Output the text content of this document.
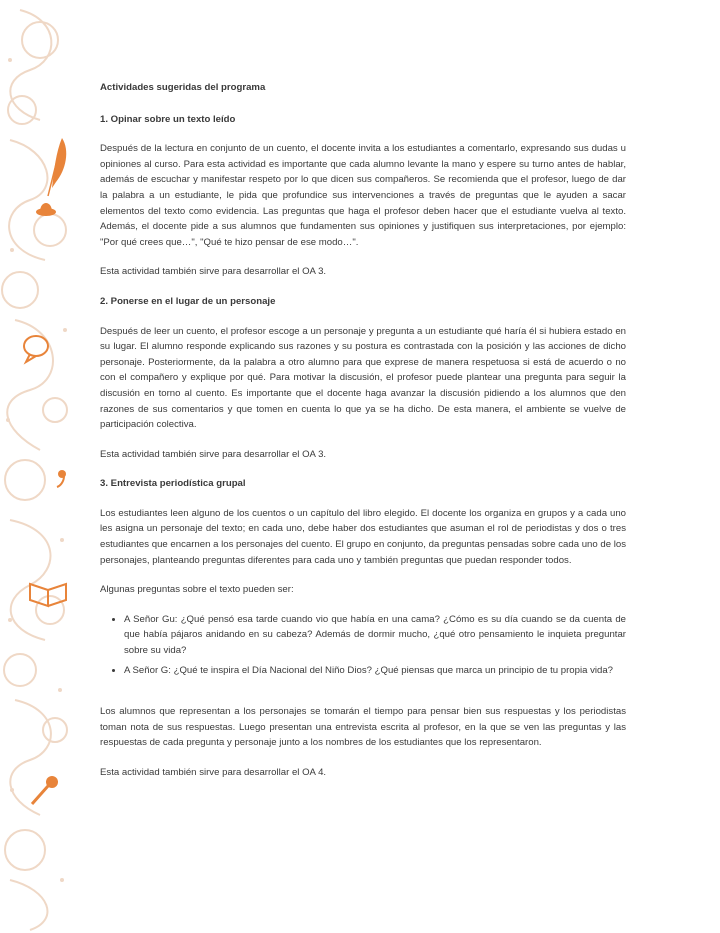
Actividades sugeridas del programa
1. Opinar sobre un texto leído

Después de la lectura en conjunto de un cuento, el docente invita a los estudiantes a comentarlo, expresando sus dudas u opiniones al curso. Para esta actividad es importante que cada alumno levante la mano y espere su turno antes de hablar, además de escuchar y manifestar respeto por lo que dicen sus compañeros. Se recomienda que el profesor, luego de dar la palabra a un estudiante, le pida que profundice sus intervenciones a través de preguntas que le ayuden a sacar elementos del texto como evidencia. Las preguntas que haga el profesor deben hacer que el estudiante vuelva al texto. Además, el docente pide a sus alumnos que fundamenten sus opiniones y justifiquen sus interpretaciones, por ejemplo: "Por qué crees que…", "Qué te hizo pensar de ese modo…".

Esta actividad también sirve para desarrollar el OA 3.

2. Ponerse en el lugar de un personaje

Después de leer un cuento, el profesor escoge a un personaje y pregunta a un estudiante qué haría él si hubiera estado en su lugar. El alumno responde explicando sus razones y su postura es contrastada con la posición y las acciones de dicho personaje. Posteriormente, da la palabra a otro alumno para que exprese de manera respetuosa si está de acuerdo o no con el compañero y explique por qué. Para motivar la discusión, el profesor puede plantear una pregunta para seguir la discusión en torno al cuento. Es importante que el docente haga avanzar la discusión pidiendo a los alumnos que den razones de sus comentarios y que tomen en cuenta lo que ya se ha dicho. De esta manera, el ambiente se vuelve de participación colectiva.

Esta actividad también sirve para desarrollar el OA 3.

3. Entrevista periodística grupal

Los estudiantes leen alguno de los cuentos o un capítulo del libro elegido. El docente los organiza en grupos y a cada uno les asigna un personaje del texto; en cada uno, debe haber dos estudiantes que asuman el rol de periodistas y dos o tres estudiantes que encarnen a los personajes del cuento. El grupo en conjunto, da preguntas pensadas sobre cada uno de los personajes, planteando preguntas diferentes para cada uno y también preguntas que puedan responder todos.

Algunas preguntas sobre el texto pueden ser:

• A Señor Gu: ¿Qué pensó esa tarde cuando vio que había en una cama? ¿Cómo es su día cuando se da cuenta de que había pájaros anidando en su cabeza? Además de dormir mucho, ¿qué otro pensamiento le inquieta preguntar sobre su vida?
• A Señor G: ¿Qué te inspira el Día Nacional del Niño Dios? ¿Qué piensas que marca un principio de tu propia vida?

Los alumnos que representan a los personajes se tomarán el tiempo para pensar bien sus respuestas y los periodistas toman nota de sus respuestas. Luego presentan una entrevista escrita al profesor, en la que se ven las preguntas y las respuestas de cada pregunta y personaje junto a los nombres de los estudiantes que los representaron.

Esta actividad también sirve para desarrollar el OA 4.
